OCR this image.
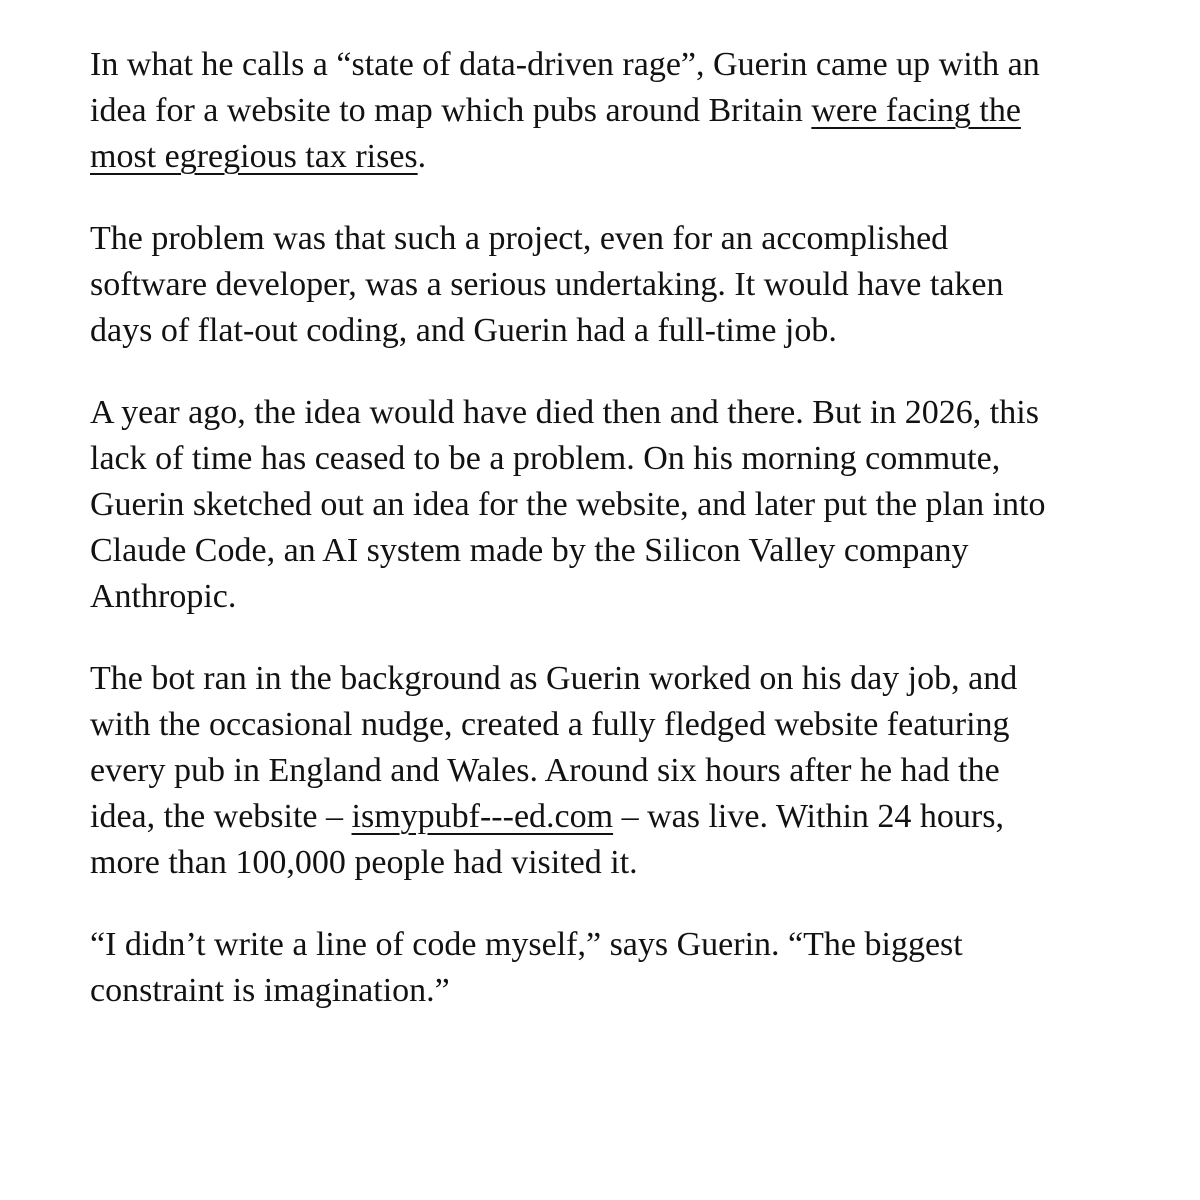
In what he calls a “state of data-driven rage”, Guerin came up with an idea for a website to map which pubs around Britain were facing the most egregious tax rises.

The problem was that such a project, even for an accomplished software developer, was a serious undertaking. It would have taken days of flat-out coding, and Guerin had a full-time job.

A year ago, the idea would have died then and there. But in 2026, this lack of time has ceased to be a problem. On his morning commute, Guerin sketched out an idea for the website, and later put the plan into Claude Code, an AI system made by the Silicon Valley company Anthropic.

The bot ran in the background as Guerin worked on his day job, and with the occasional nudge, created a fully fledged website featuring every pub in England and Wales. Around six hours after he had the idea, the website – ismypubf---ed.com – was live. Within 24 hours, more than 100,000 people had visited it.

“I didn’t write a line of code myself,” says Guerin. “The biggest constraint is imagination.”
